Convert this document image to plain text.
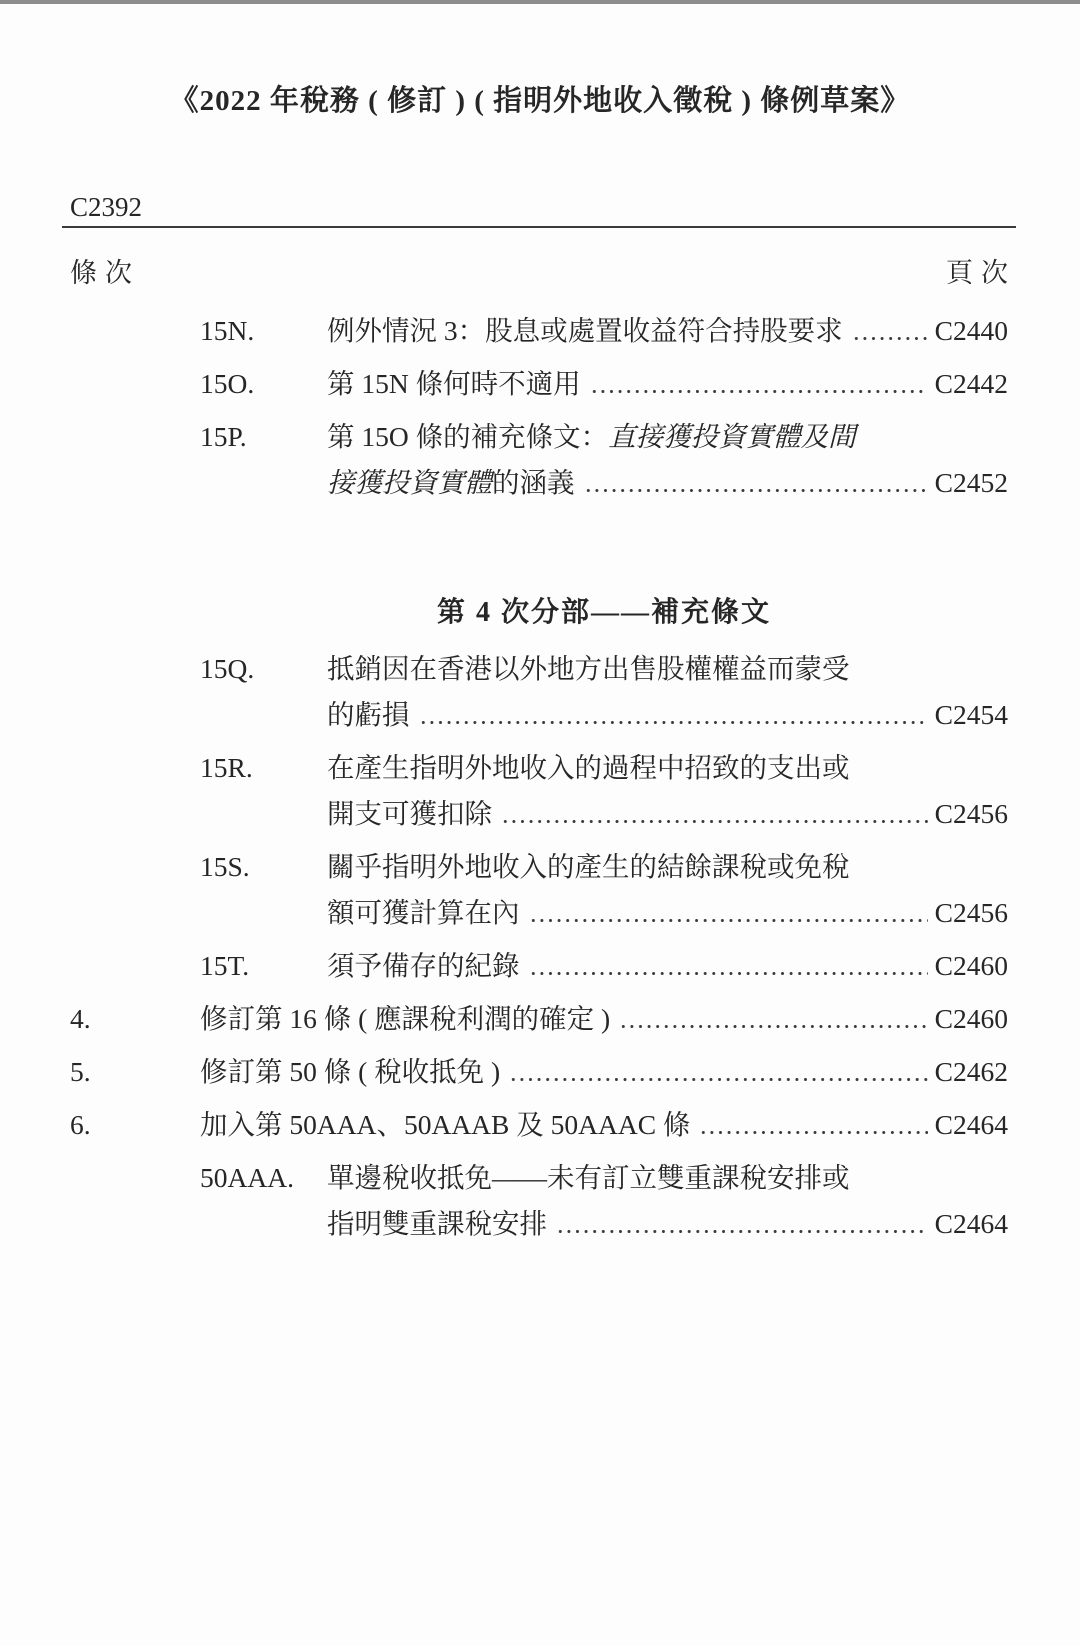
《2022 年稅務 ( 修訂 ) ( 指明外地收入徵稅 ) 條例草案》
C2392
條次	頁次
15N.	例外情況 3：股息或處置收益符合持股要求	C2440
15O.	第 15N 條何時不適用	C2442
15P.	第 15O 條的補充條文：直接獲投資實體及間
接獲投資實體的涵義	C2452
第 4 次分部——補充條文
15Q.	抵銷因在香港以外地方出售股權權益而蒙受
的虧損	C2454
15R.	在產生指明外地收入的過程中招致的支出或
開支可獲扣除	C2456
15S.	關乎指明外地收入的產生的結餘課稅或免稅
額可獲計算在內	C2456
15T.	須予備存的紀錄	C2460
4.	修訂第 16 條 ( 應課稅利潤的確定 )	C2460
5.	修訂第 50 條 ( 稅收抵免 )	C2462
6.	加入第 50AAA、50AAAB 及 50AAAC 條	C2464
50AAA.	單邊稅收抵免——未有訂立雙重課稅安排或
指明雙重課稅安排	C2464
